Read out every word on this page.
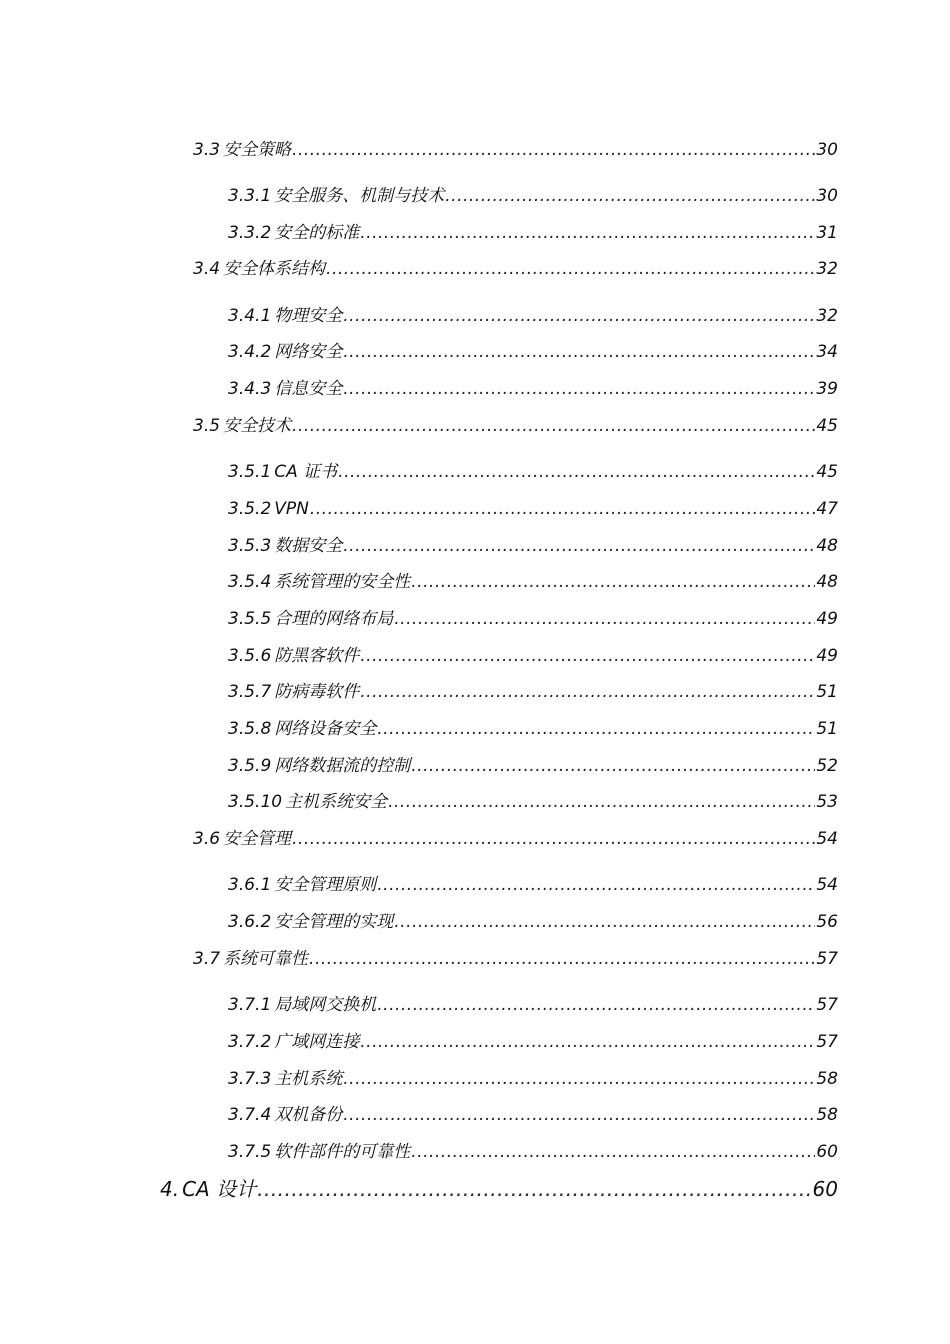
3.3 安全策略 .....	30
3.3.1 安全服务、机制与技术 .....	30
3.3.2 安全的标准 .....	31
3.4 安全体系结构 .....	32
3.4.1 物理安全 .....	32
3.4.2 网络安全 .....	34
3.4.3 信息安全 .....	39
3.5 安全技术 .....	45
3.5.1 CA 证书 .....	45
3.5.2 VPN .....	47
3.5.3 数据安全 .....	48
3.5.4 系统管理的安全性 .....	48
3.5.5 合理的网络布局 .....	49
3.5.6 防黑客软件 .....	49
3.5.7 防病毒软件 .....	51
3.5.8 网络设备安全 .....	51
3.5.9 网络数据流的控制 .....	52
3.5.10 主机系统安全 .....	53
3.6 安全管理 .....	54
3.6.1 安全管理原则 .....	54
3.6.2 安全管理的实现 .....	56
3.7 系统可靠性 .....	57
3.7.1 局域网交换机 .....	57
3.7.2 广域网连接 .....	57
3.7.3 主机系统 .....	58
3.7.4 双机备份 .....	58
3.7.5 软件部件的可靠性 .....	60
4. CA 设计 .....	60
